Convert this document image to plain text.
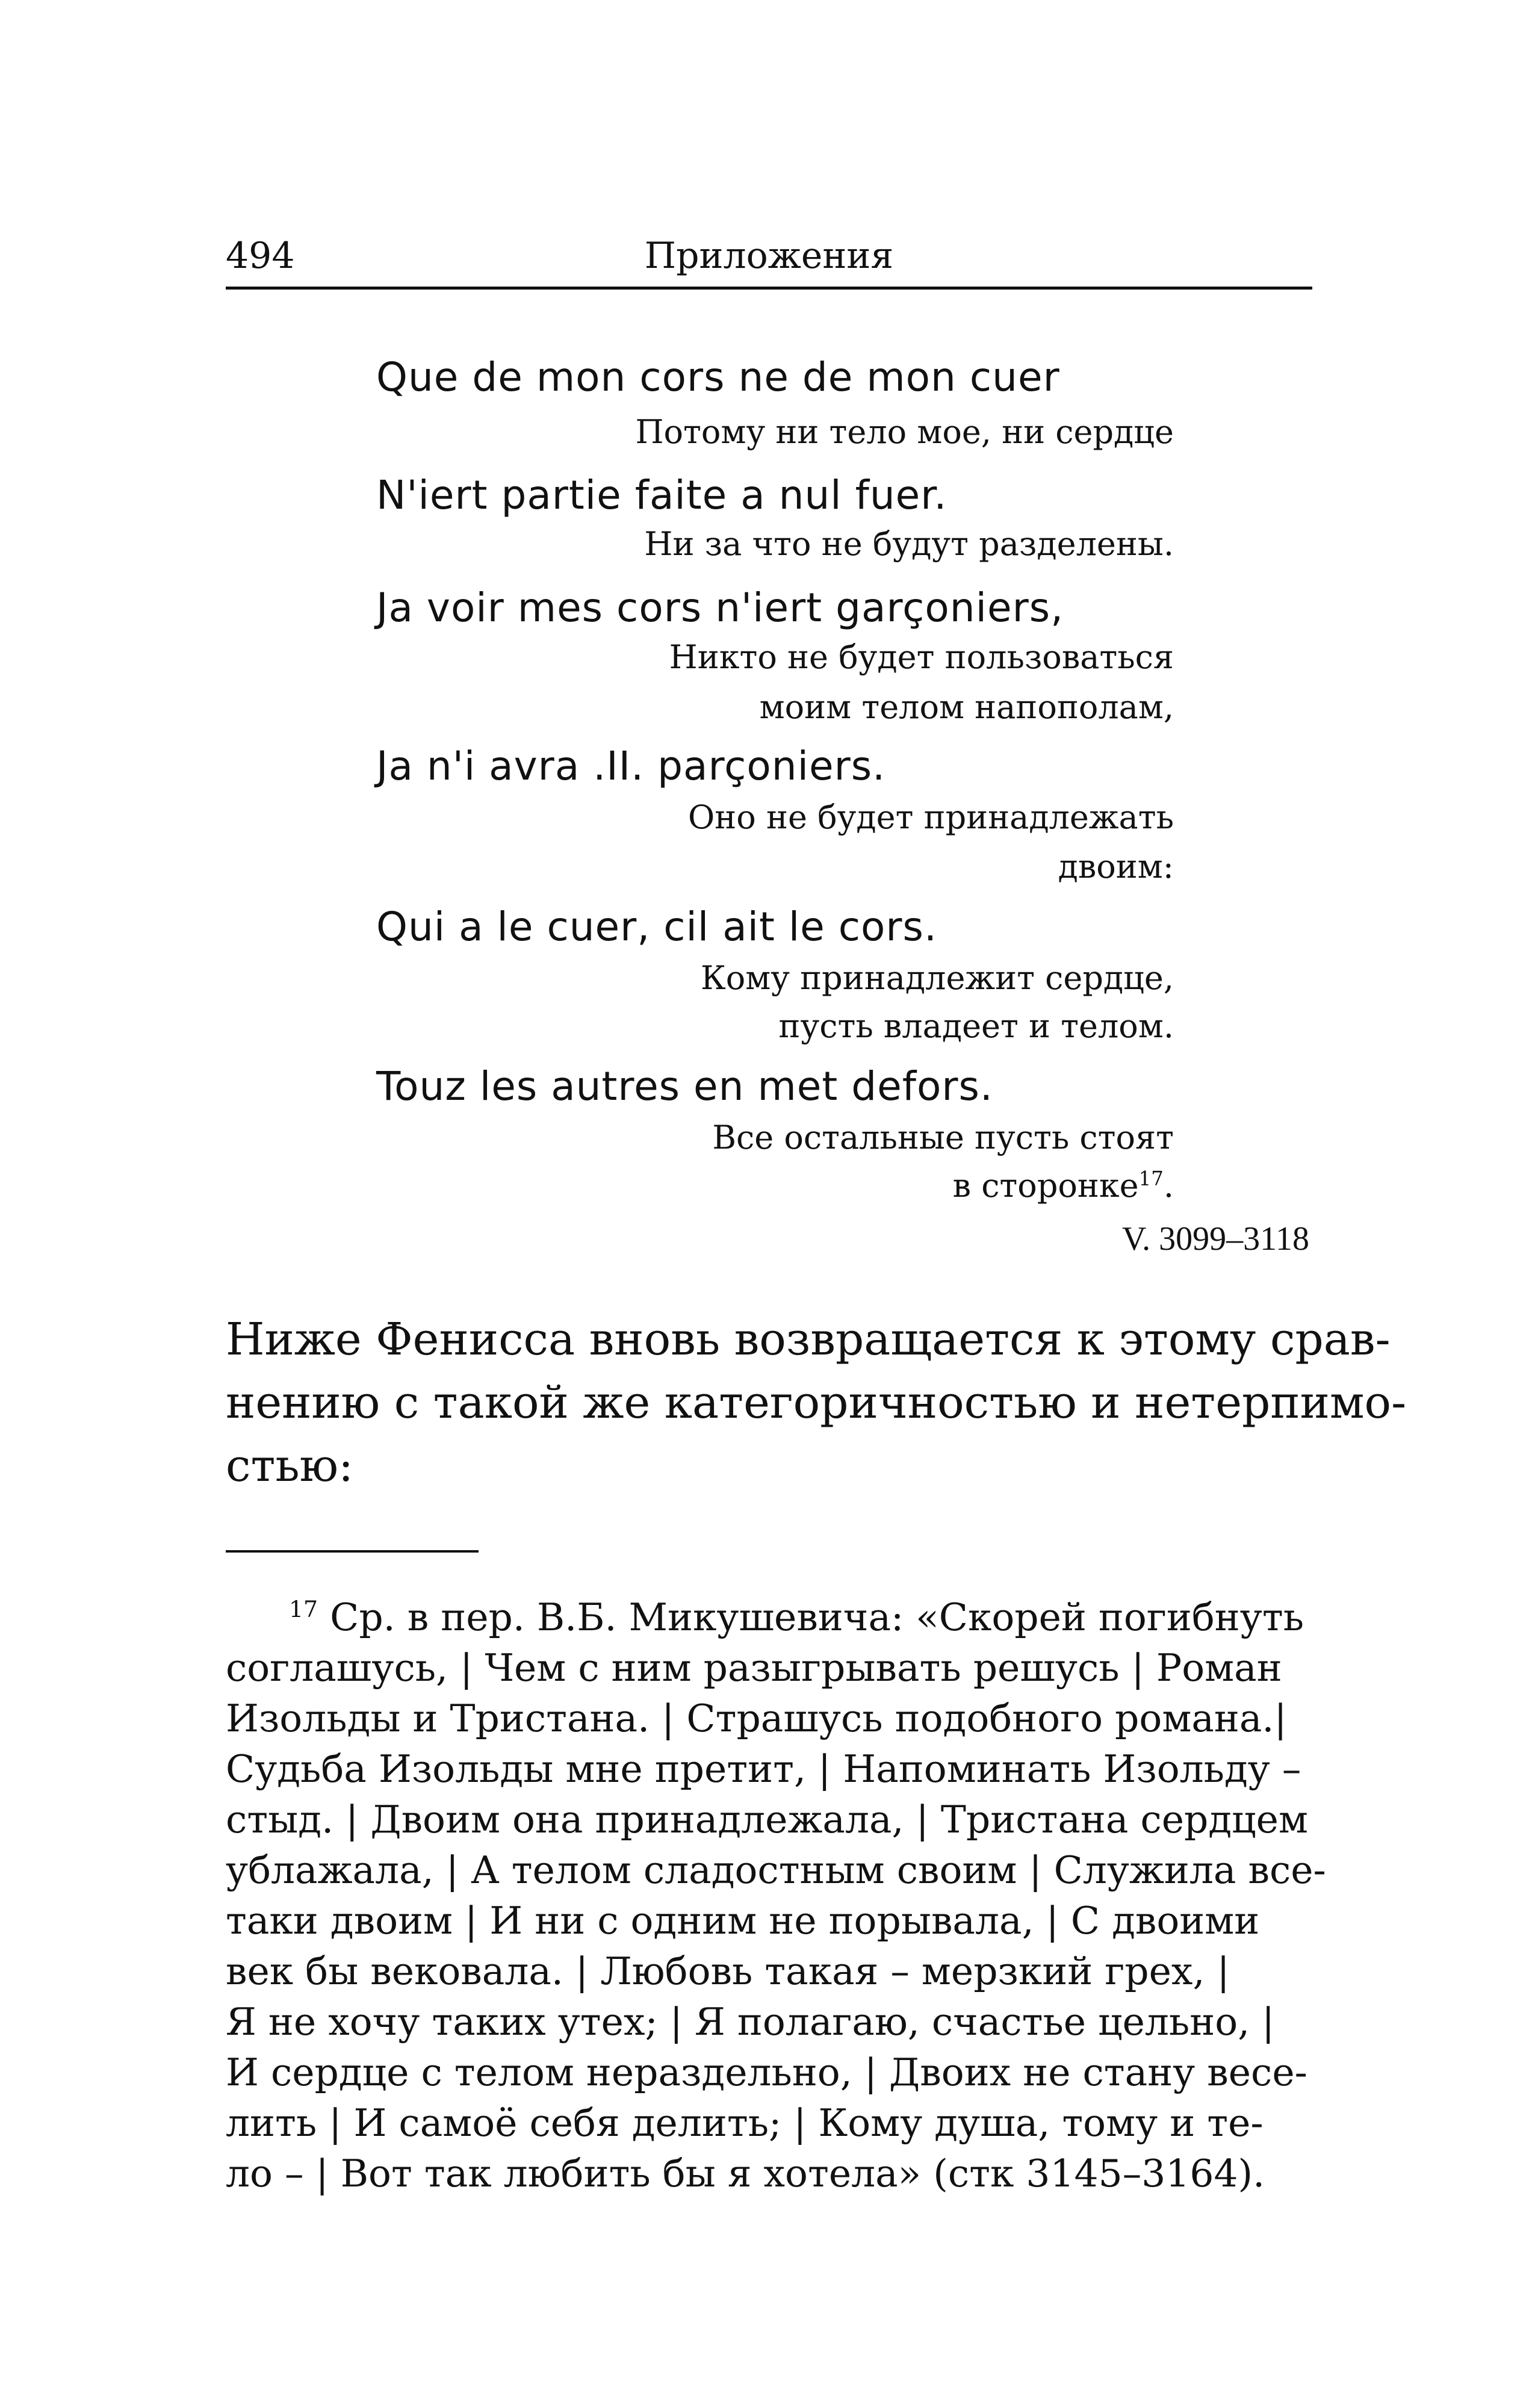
494	Приложения
Que de mon cors ne de mon cuer
Потому ни тело мое, ни сердце
N'iert partie faite a nul fuer.
Ни за что не будут разделены.
Ja voir mes cors n'iert garçoniers,
Никто не будет пользоваться
моим телом напополам,
Ja n'i avra .II. parçoniers.
Оно не будет принадлежать
двоим:
Qui a le cuer, cil ait le cors.
Кому принадлежит сердце,
пусть владеет и телом.
Touz les autres en met defors.
Все остальные пусть стоят
в сторонке$^{17}$.
V. 3099–3118
Ниже Фенисса вновь возвращается к этому срав-
нению с такой же категоричностью и нетерпимо-
стью:
$^{17}$ Ср. в пер. В.Б. Микушевича: «Скорей погибнуть
соглашусь, | Чем с ним разыгрывать решусь | Роман
Изольды и Тристана. | Страшусь подобного романа.|
Судьба Изольды мне претит, | Напоминать Изольду –
стыд. | Двоим она принадлежала, | Тристана сердцем
ублажала, | А телом сладостным своим | Служила все-
таки двоим | И ни с одним не порывала, | С двоими
век бы вековала. | Любовь такая – мерзкий грех, |
Я не хочу таких утех; | Я полагаю, счастье цельно, |
И сердце с телом нераздельно, | Двоих не стану весе-
лить | И самоё себя делить; | Кому душа, тому и те-
ло – | Вот так любить бы я хотела» (стк 3145–3164).
